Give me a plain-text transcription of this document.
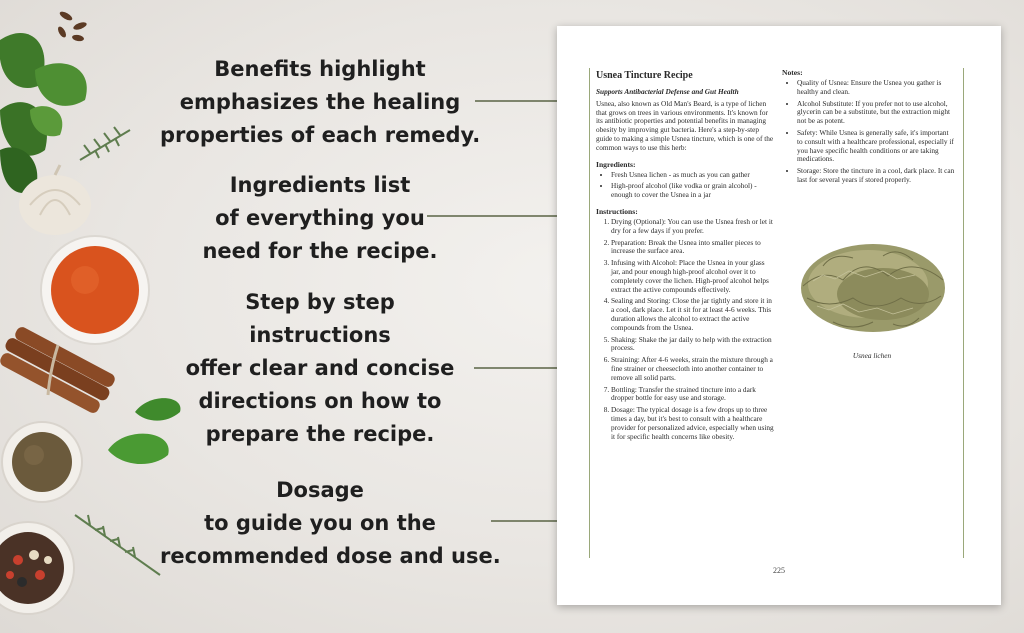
Benefits highlight
emphasizes the healing
properties of each remedy.
Ingredients list
of everything you
need for the recipe.
Step by step
instructions
offer clear and concise
directions on how to
prepare the recipe.
Dosage
to guide you on the
recommended dose and use.
Usnea Tincture Recipe
Supports Antibacterial Defense and Gut Health

Usnea, also known as Old Man's Beard, is a type of lichen that grows on trees in various environments. It's known for its antibiotic properties and potential benefits in managing obesity by improving gut bacteria. Here's a step-by-step guide to making a simple Usnea tincture, which is one of the common ways to use this herb:

Ingredients:
• Fresh Usnea lichen - as much as you can gather
• High-proof alcohol (like vodka or grain alcohol) - enough to cover the Usnea in a jar
Instructions:
1. Drying (Optional): You can use the Usnea fresh or let it dry for a few days if you prefer.
2. Preparation: Break the Usnea into smaller pieces to increase the surface area.
3. Infusing with Alcohol: Place the Usnea in your glass jar, and pour enough high-proof alcohol over it to completely cover the lichen. High-proof alcohol helps extract the active compounds effectively.
4. Sealing and Storing: Close the jar tightly and store it in a cool, dark place. Let it sit for at least 4-6 weeks. This duration allows the alcohol to extract the active compounds from the Usnea.
5. Shaking: Shake the jar daily to help with the extraction process.
6. Straining: After 4-6 weeks, strain the mixture through a fine strainer or cheesecloth into another container to remove all solid parts.
7. Bottling: Transfer the strained tincture into a dark dropper bottle for easy use and storage.
8. Dosage: The typical dosage is a few drops up to three times a day, but it's best to consult with a healthcare provider for personalized advice, especially when using it for specific health concerns like obesity.
Notes:
• Quality of Usnea: Ensure the Usnea you gather is healthy and clean.
• Alcohol Substitute: If you prefer not to use alcohol, glycerin can be a substitute, but the extraction might not be as potent.
• Safety: While Usnea is generally safe, it's important to consult with a healthcare professional, especially if you have specific health conditions or are taking medications.
• Storage: Store the tincture in a cool, dark place. It can last for several years if stored properly.
Usnea lichen
225
